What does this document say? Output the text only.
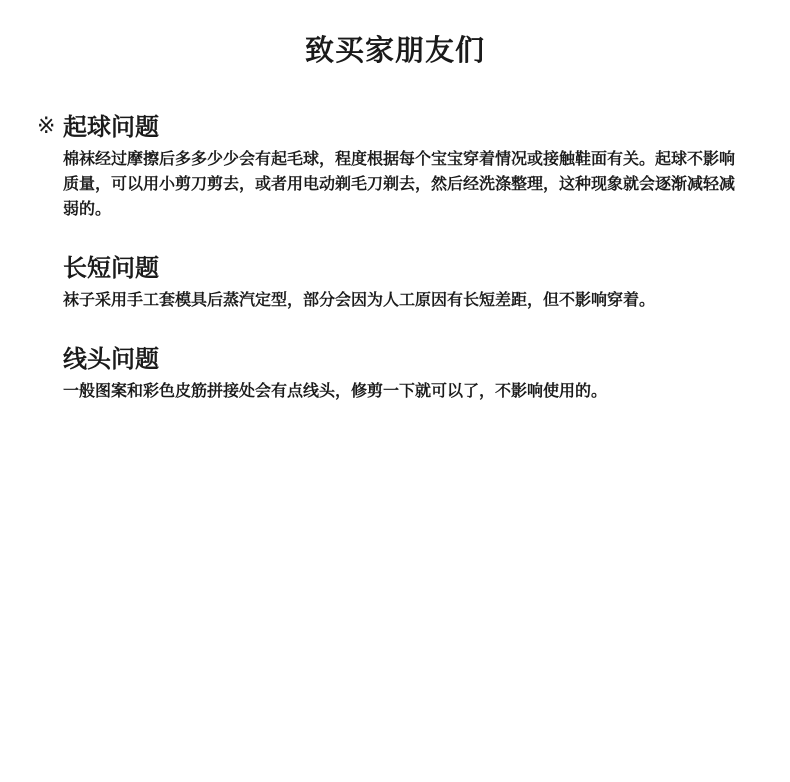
致买家朋友们
※ 起球问题
棉袜经过摩擦后多多少少会有起毛球，程度根据每个宝宝穿着情况或接触鞋面有关。起球不影响质量，可以用小剪刀剪去，或者用电动剃毛刀剃去，然后经洗涤整理，这种现象就会逐渐减轻减弱的。
长短问题
袜子采用手工套模具后蒸汽定型，部分会因为人工原因有长短差距，但不影响穿着。
线头问题
一般图案和彩色皮筋拼接处会有点线头，修剪一下就可以了，不影响使用的。
